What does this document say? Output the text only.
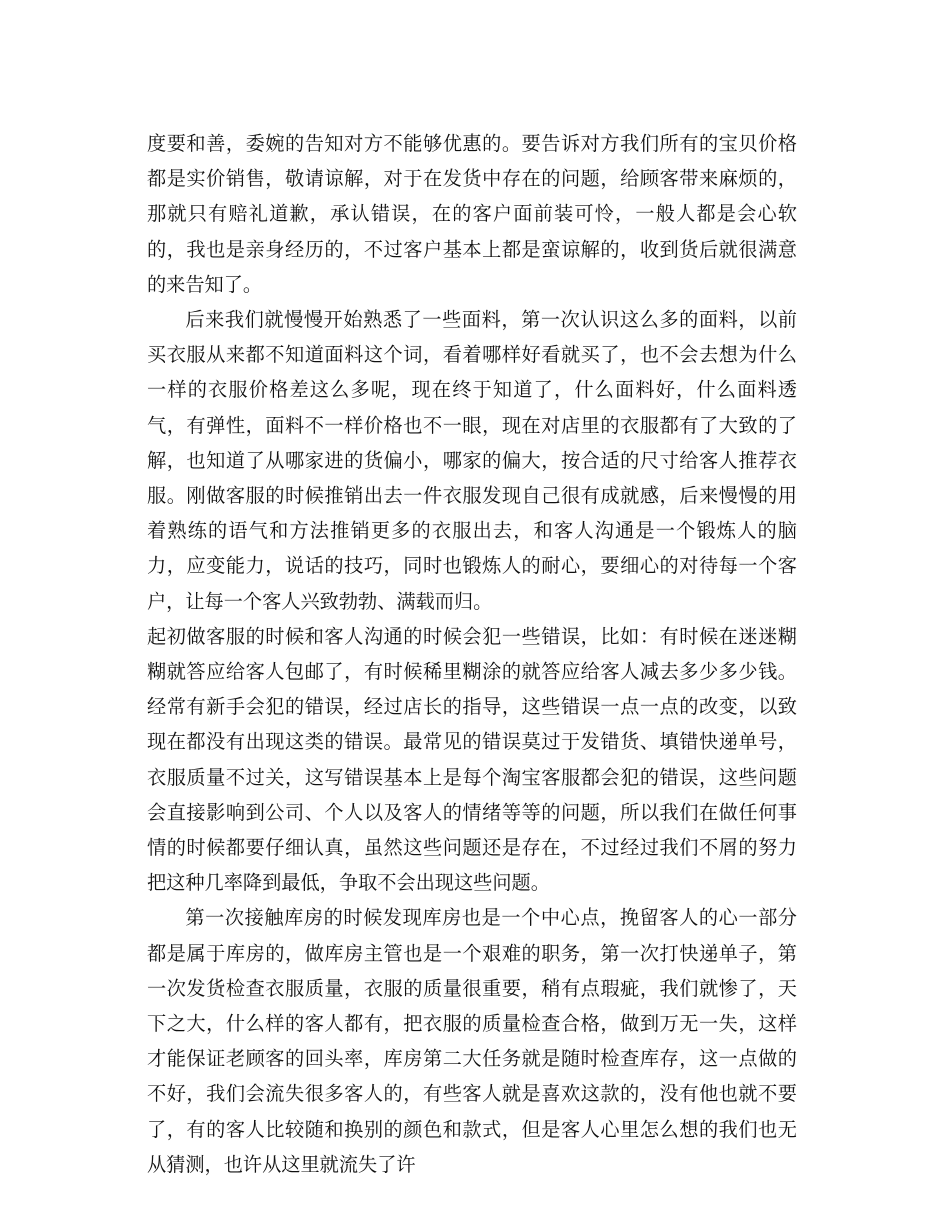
度要和善，委婉的告知对方不能够优惠的。要告诉对方我们所有的宝贝价格都是实价销售，敬请谅解，对于在发货中存在的问题，给顾客带来麻烦的，那就只有赔礼道歉，承认错误，在的客户面前装可怜，一般人都是会心软的，我也是亲身经历的，不过客户基本上都是蛮谅解的，收到货后就很满意的来告知了。

后来我们就慢慢开始熟悉了一些面料，第一次认识这么多的面料，以前买衣服从来都不知道面料这个词，看着哪样好看就买了，也不会去想为什么一样的衣服价格差这么多呢，现在终于知道了，什么面料好，什么面料透气，有弹性，面料不一样价格也不一眼，现在对店里的衣服都有了大致的了解，也知道了从哪家进的货偏小，哪家的偏大，按合适的尺寸给客人推荐衣服。刚做客服的时候推销出去一件衣服发现自己很有成就感，后来慢慢的用着熟练的语气和方法推销更多的衣服出去，和客人沟通是一个锻炼人的脑力，应变能力，说话的技巧，同时也锻炼人的耐心，要细心的对待每一个客户，让每一个客人兴致勃勃、满载而归。

起初做客服的时候和客人沟通的时候会犯一些错误，比如：有时候在迷迷糊糊就答应给客人包邮了，有时候稀里糊涂的就答应给客人减去多少多少钱。经常有新手会犯的错误，经过店长的指导，这些错误一点一点的改变，以致现在都没有出现这类的错误。最常见的错误莫过于发错货、填错快递单号，衣服质量不过关，这写错误基本上是每个淘宝客服都会犯的错误，这些问题会直接影响到公司、个人以及客人的情绪等等的问题，所以我们在做任何事情的时候都要仔细认真，虽然这些问题还是存在，不过经过我们不屑的努力把这种几率降到最低，争取不会出现这些问题。

第一次接触库房的时候发现库房也是一个中心点，挽留客人的心一部分都是属于库房的，做库房主管也是一个艰难的职务，第一次打快递单子，第一次发货检查衣服质量，衣服的质量很重要，稍有点瑕疵，我们就惨了，天下之大，什么样的客人都有，把衣服的质量检查合格，做到万无一失，这样才能保证老顾客的回头率，库房第二大任务就是随时检查库存，这一点做的不好，我们会流失很多客人的，有些客人就是喜欢这款的，没有他也就不要了，有的客人比较随和换别的颜色和款式，但是客人心里怎么想的我们也无从猜测，也许从这里就流失了许
